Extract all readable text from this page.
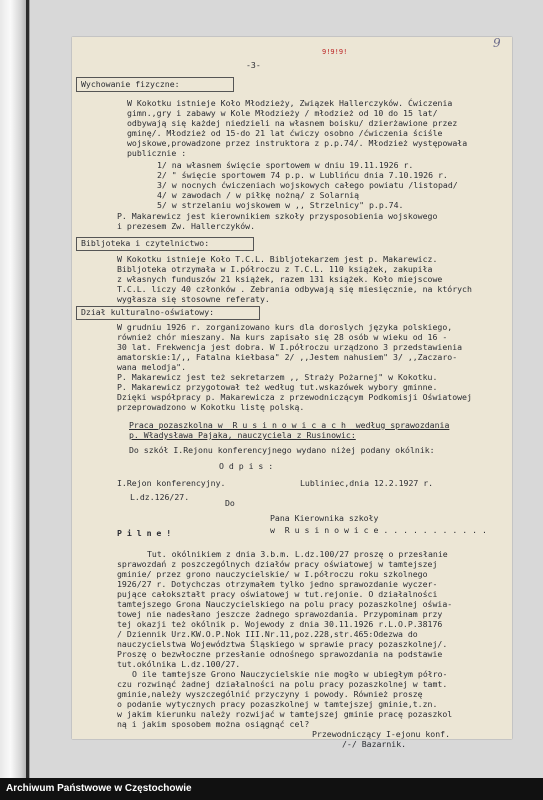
9!9!9!
9
-3-
Wychowanie fizyczne:
W Kokotku istnieje Koło Młodzieży, Związek Hallerczyków. Ćwiczenia
gimn.,gry i zabawy w Kole Młodzieży / młodzież od 10 do 15 lat/
odbywają się każdej niedzieli na własnem boisku/ dzierżawione przez
gminę/. Młodzież od 15-do 21 lat ćwiczy osobno /ćwiczenia ściśle
wojskowe,prowadzone przez instruktora z p.p.74/. Młodzież występowała
publicznie :
1/ na własnem święcie sportowem w dniu 19.11.1926 r.
2/ " święcie sportowem 74 p.p. w Lublińcu dnia 7.10.1926 r.
3/ w nocnych ćwiczeniach wojskowych całego powiatu /listopad/
4/ w zawodach / w piłkę nożną/ z Solarnią
5/ w strzelaniu wojskowem w ,, Strzelnicy" p.p.74.
P. Makarewicz jest kierownikiem szkoły przysposobienia wojskowego
i prezesem Zw. Hallerczyków.
Bibljoteka i czytelnictwo:
W Kokotku istnieje Koło T.C.L. Bibljotekarzem jest p. Makarewicz.
Bibljoteka otrzymała w I.półroczu z T.C.L. 110 książek, zakupiła
z własnych funduszów 21 książek, razem 131 książek. Koło miejscowe
T.C.L. liczy 40 członków . Zebrania odbywają się miesięcznie, na których
wygłasza się stosowne referaty.
Dział kulturalno-oświatowy:
W grudniu 1926 r. zorganizowano kurs dla doroslych języka polskiego,
również chór mieszany. Na kurs zapisało się 28 osób w wieku od 16 -
30 lat. Frekwencja jest dobra. W I.półroczu urządzono 3 przedstawienia
amatorskie:1/,, Fatalna kiełbasa" 2/ ,,Jestem nahusiem" 3/ ,,Zaczaro-
wana melodja".
P. Makarewicz jest też sekretarzem ,, Straży Pożarnej" w Kokotku.
P. Makarewicz przygotował też według tut.wskazówek wybory gminne.
Dzięki współpracy p. Makarewicza z przewodniczącym Podkomisji Oświatowej
przeprowadzono w Kokotku listę polską.
Praca pozaszkolna w  R u s i n o w i c a c h  według sprawozdania
p. Władysława Pajaka, nauczyciela z Rusinowic:
Do szkół I.Rejonu konferencyjnego wydano niżej podany okólnik:
O d p i s :
I.Rejon konferencyjny.	Lubliniec,dnia 12.2.1927 r.
L.dz.126/27.
Do
Pana Kierownika szkoły
w  R u s i n o w i c e . . . . . . . . . . .
P i l n e !
Tut. okólnikiem z dnia 3.b.m. L.dz.100/27 proszę o przesłanie
sprawozdań z poszczególnych działów pracy oświatowej w tamtejszej
gminie/ przez grono nauczycielskie/ w I.półroczu roku szkolnego
1926/27 r. Dotychczas otrzymałem tylko jedno sprawozdanie wyczer-
pujące całokształt pracy oświatowej w tut.rejonie. O działalności
tamtejszego Grona Nauczycielskiego na polu pracy pozaszkolnej oświa-
towej nie nadesłano jeszcze żadnego sprawozdania. Przypominam przy
tej okazji też okólnik p. Wojewody z dnia 30.11.1926 r.L.O.P.38176
/ Dziennik Urz.KW.O.P.Nok III.Nr.11,poz.228,str.465:Odezwa do
nauczycielstwa Województwa Śląskiego w sprawie pracy pozaszkolnej/.
Proszę o bezwłoczne przesłanie odnośnego sprawozdania na podstawie
tut.okólnika L.dz.100/27.
O ile tamtejsze Grono Nauczycielskie nie mogło w ubiegłym półro-
czu rozwinąć żadnej działalności na polu pracy pozaszkolnej w tamt.
gminie,należy wyszczególnić przyczyny i powody. Również proszę
o podanie wytycznych pracy pozaszkolnej w tamtejszej gminie,t.zn.
w jakim kierunku należy rozwijać w tamtejszej gminie pracę pozaszkol
ną i jakim sposobem można osiągnąć cel?
Przewodniczący I-ejonu konf.
/-/ Bazarnik.
Archiwum Państwowe w Częstochowie
